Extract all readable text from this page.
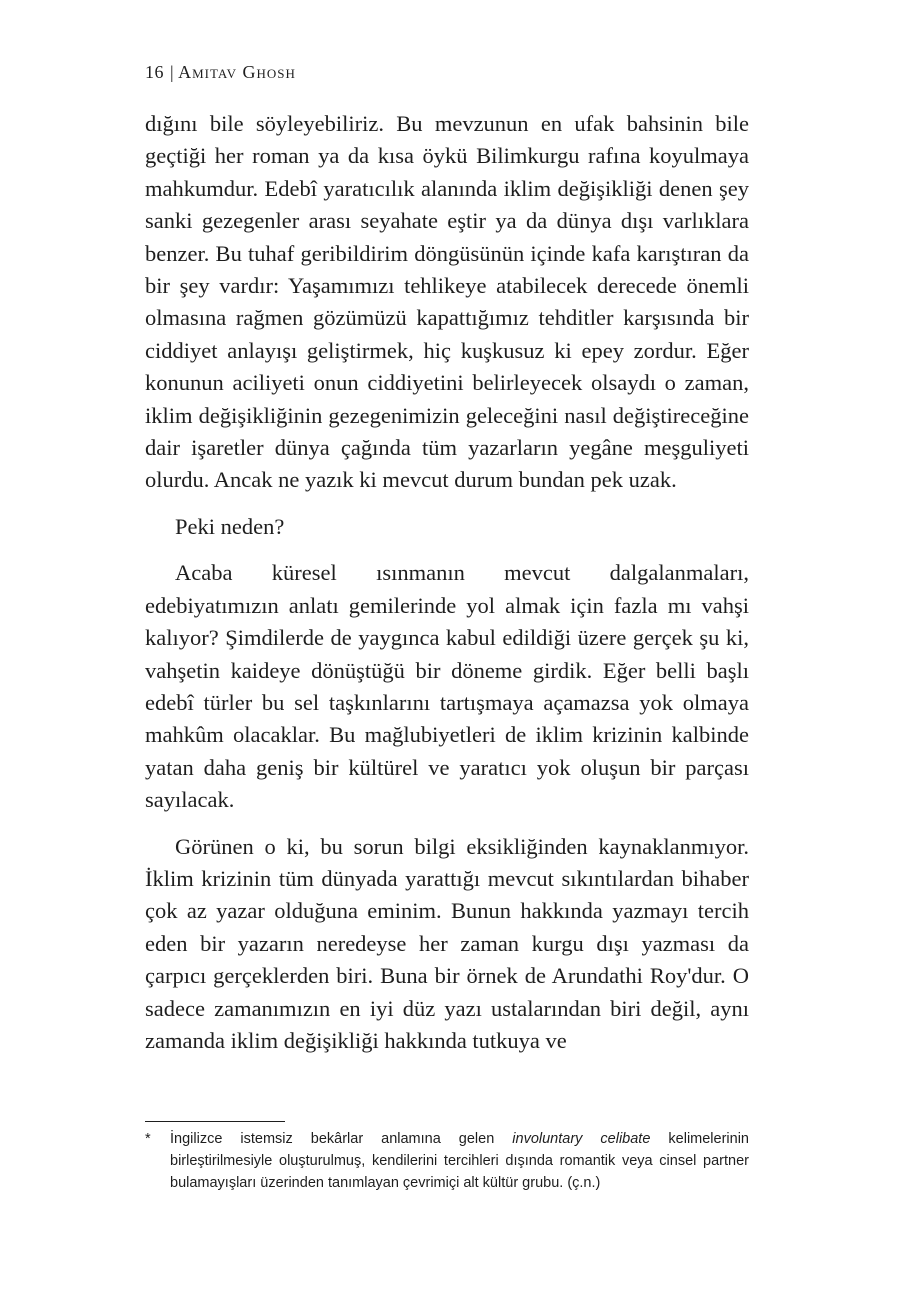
16 | Amitav Ghosh

dığını bile söyleyebiliriz. Bu mevzunun en ufak bahsinin bile geçtiği her roman ya da kısa öykü Bilimkurgu rafına koyulmaya mahkumdur. Edebî yaratıcılık alanında iklim değişikliği denen şey sanki gezegenler arası seyahate eştir ya da dünya dışı varlıklara benzer. Bu tuhaf geribildirim döngüsünün içinde kafa karıştıran da bir şey vardır: Yaşamımızı tehlikeye atabilecek derecede önemli olmasına rağmen gözümüzü kapattığımız tehditler karşısında bir ciddiyet anlayışı geliştirmek, hiç kuşkusuz ki epey zordur. Eğer konunun aciliyeti onun ciddiyetini belirleyecek olsaydı o zaman, iklim değişikliğinin gezegenimizin geleceğini nasıl değiştireceğine dair işaretler dünya çağında tüm yazarların yegâne meşguliyeti olurdu. Ancak ne yazık ki mevcut durum bundan pek uzak.

Peki neden?

Acaba küresel ısınmanın mevcut dalgalanmaları, edebiyatımızın anlatı gemilerinde yol almak için fazla mı vahşi kalıyor? Şimdilerde de yaygınca kabul edildiği üzere gerçek şu ki, vahşetin kaideye dönüştüğü bir döneme girdik. Eğer belli başlı edebî türler bu sel taşkınlarını tartışmaya açamazsa yok olmaya mahkûm olacaklar. Bu mağlubiyetleri de iklim krizinin kalbinde yatan daha geniş bir kültürel ve yaratıcı yok oluşun bir parçası sayılacak.

Görünen o ki, bu sorun bilgi eksikliğinden kaynaklanmıyor. İklim krizinin tüm dünyada yarattığı mevcut sıkıntılardan bihaber çok az yazar olduğuna eminim. Bunun hakkında yazmayı tercih eden bir yazarın neredeyse her zaman kurgu dışı yazması da çarpıcı gerçeklerden biri. Buna bir örnek de Arundathi Roy'dur. O sadece zamanımızın en iyi düz yazı ustalarından biri değil, aynı zamanda iklim değişikliği hakkında tutkuya ve

* İngilizce istemsiz bekârlar anlamına gelen involuntary celibate kelimelerinin birleştirilmesiyle oluşturulmuş, kendilerini tercihleri dışında romantik veya cinsel partner bulamayışları üzerinden tanımlayan çevrimiçi alt kültür grubu. (ç.n.)
